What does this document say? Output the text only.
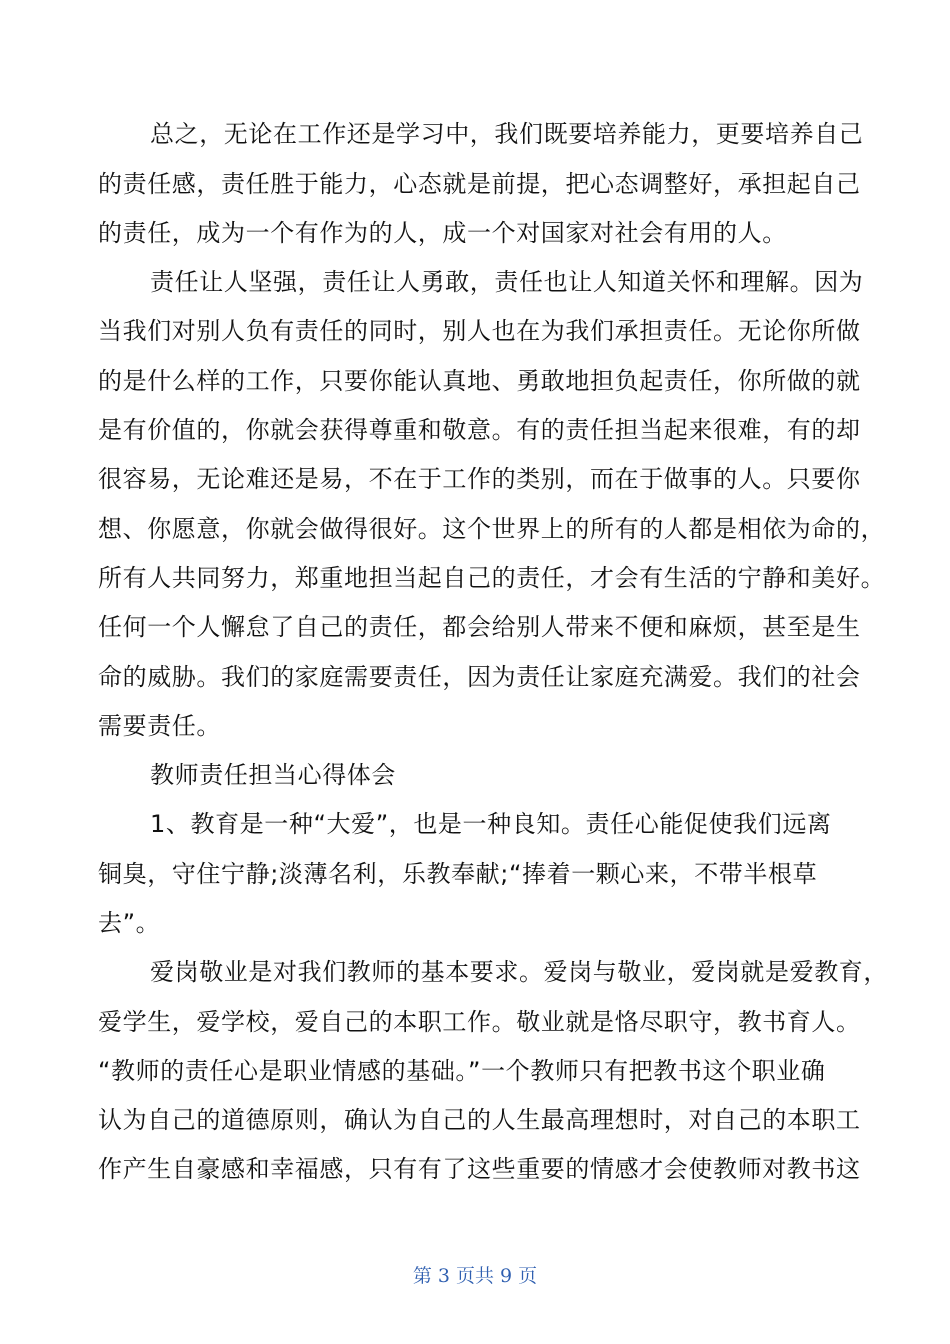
总之，无论在工作还是学习中，我们既要培养能力，更要培养自己
的责任感，责任胜于能力，心态就是前提，把心态调整好，承担起自己
的责任，成为一个有作为的人，成一个对国家对社会有用的人。
责任让人坚强，责任让人勇敢，责任也让人知道关怀和理解。因为
当我们对别人负有责任的同时，别人也在为我们承担责任。无论你所做
的是什么样的工作，只要你能认真地、勇敢地担负起责任，你所做的就
是有价值的，你就会获得尊重和敬意。有的责任担当起来很难，有的却
很容易，无论难还是易，不在于工作的类别，而在于做事的人。只要你
想、你愿意，你就会做得很好。这个世界上的所有的人都是相依为命的，
所有人共同努力，郑重地担当起自己的责任，才会有生活的宁静和美好。
任何一个人懈怠了自己的责任，都会给别人带来不便和麻烦，甚至是生
命的威胁。我们的家庭需要责任，因为责任让家庭充满爱。我们的社会
需要责任。
教师责任担当心得体会
1、教育是一种“大爱”，也是一种良知。责任心能促使我们远离
铜臭，守住宁静;淡薄名利，乐教奉献;“捧着一颗心来，不带半根草
去”。
爱岗敬业是对我们教师的基本要求。爱岗与敬业，爱岗就是爱教育，
爱学生，爱学校，爱自己的本职工作。敬业就是恪尽职守，教书育人。
“教师的责任心是职业情感的基础。”一个教师只有把教书这个职业确
认为自己的道德原则，确认为自己的人生最高理想时，对自己的本职工
作产生自豪感和幸福感，只有有了这些重要的情感才会使教师对教书这
第 3 页共 9 页
